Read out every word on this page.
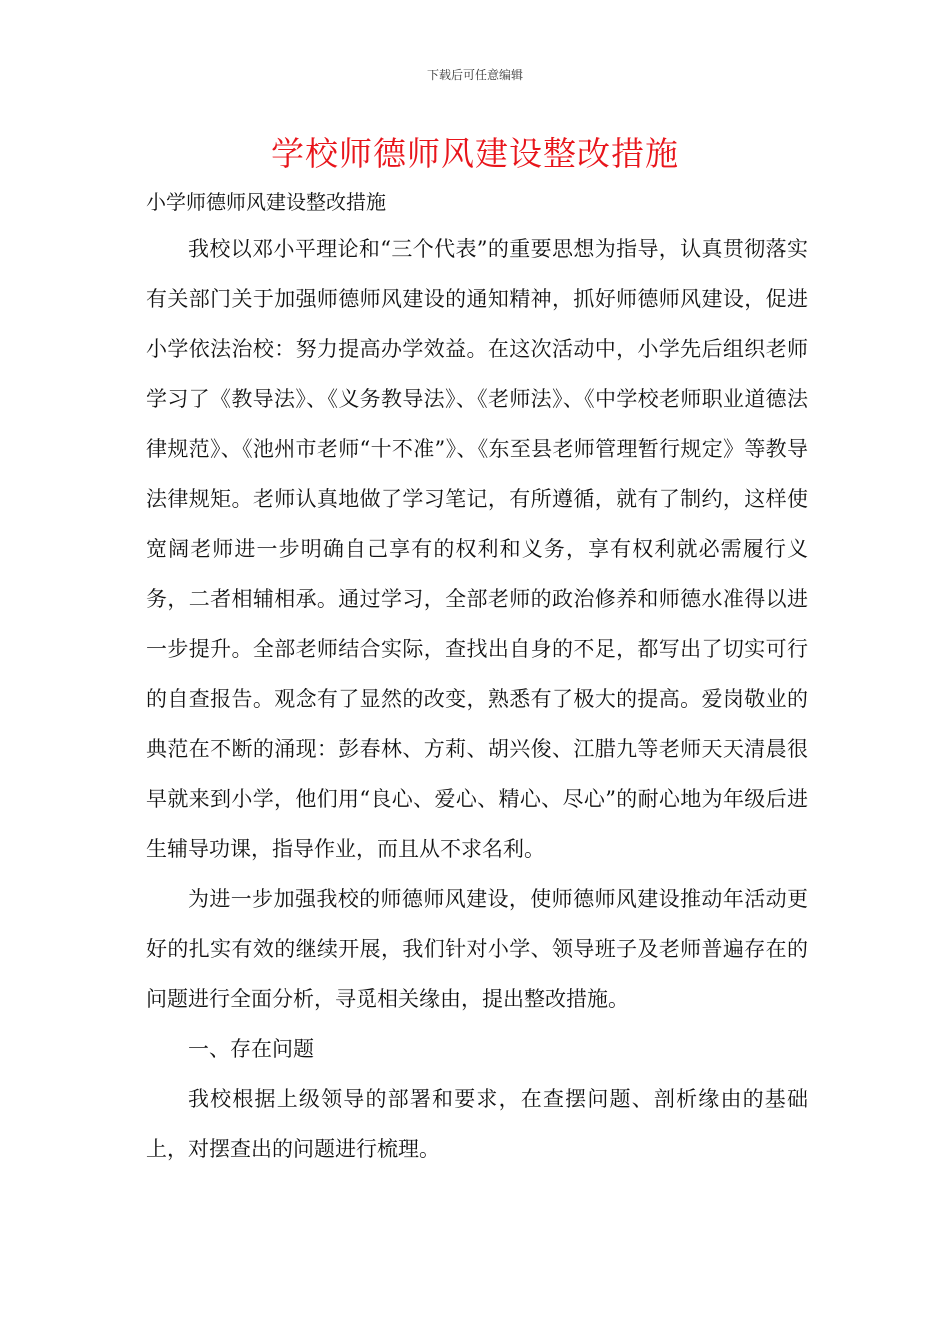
下载后可任意编辑
学校师德师风建设整改措施
小学师德师风建设整改措施

我校以邓小平理论和“三个代表”的重要思想为指导，认真贯彻落实有关部门关于加强师德师风建设的通知精神，抓好师德师风建设，促进小学依法治校：努力提高办学效益。在这次活动中，小学先后组织老师学习了《教导法》、《义务教导法》、《老师法》、《中学校老师职业道德法律规范》、《池州市老师“十不准”》、《东至县老师管理暂行规定》等教导法律规矩。老师认真地做了学习笔记，有所遵循，就有了制约，这样使宽阔老师进一步明确自己享有的权利和义务，享有权利就必需履行义务，二者相辅相承。通过学习，全部老师的政治修养和师德水准得以进一步提升。全部老师结合实际，查找出自身的不足，都写出了切实可行的自查报告。观念有了显然的改变，熟悉有了极大的提高。爱岗敬业的典范在不断的涌现：彭春林、方莉、胡兴俊、江腊九等老师天天清晨很早就来到小学，他们用“良心、爱心、精心、尽心”的耐心地为年级后进生辅导功课，指导作业，而且从不求名利。

为进一步加强我校的师德师风建设，使师德师风建设推动年活动更好的扎实有效的继续开展，我们针对小学、领导班子及老师普遍存在的问题进行全面分析，寻觅相关缘由，提出整改措施。

一、存在问题

我校根据上级领导的部署和要求，在查摆问题、剖析缘由的基础上，对摆查出的问题进行梳理。
